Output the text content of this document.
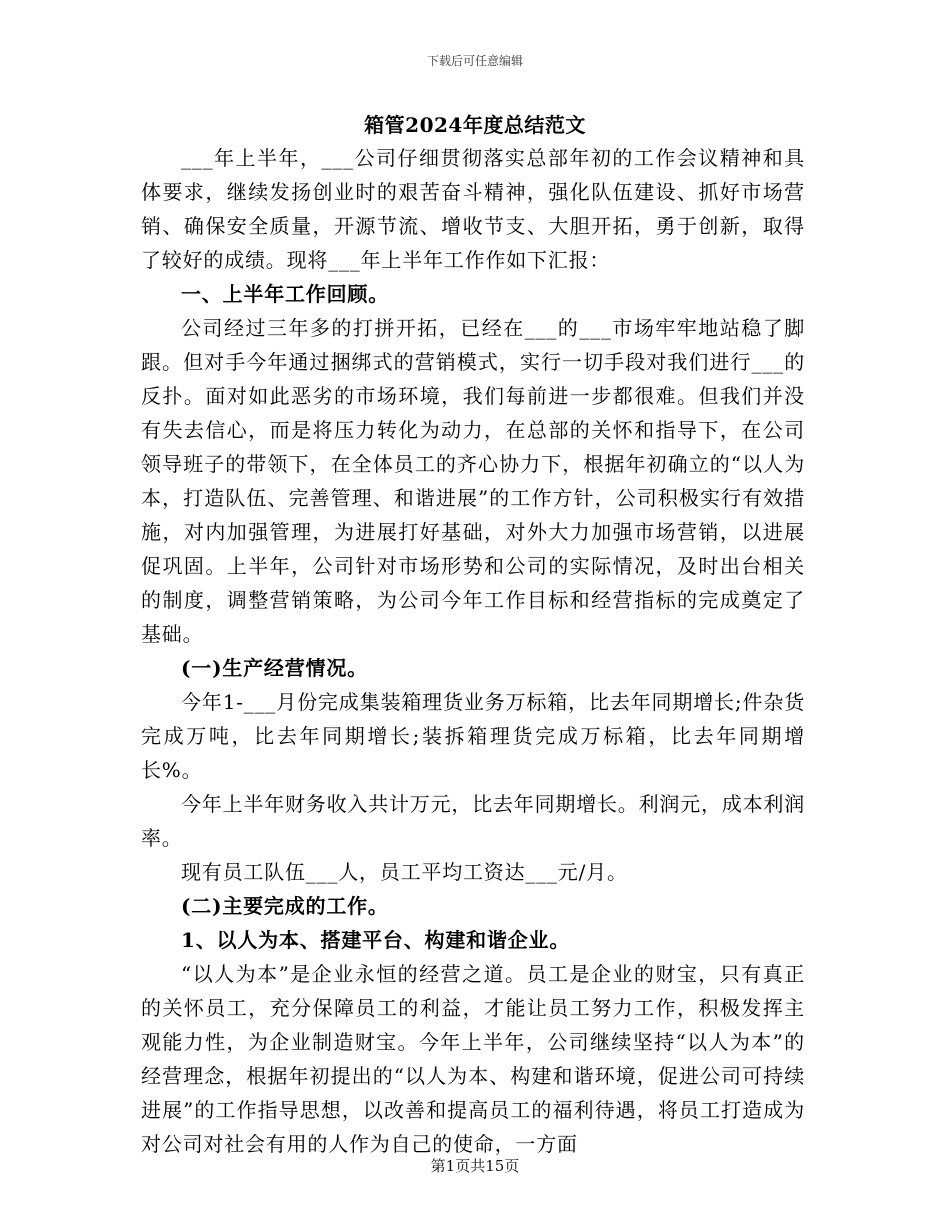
下载后可任意编辑
箱管2024年度总结范文

___年上半年，___公司仔细贯彻落实总部年初的工作会议精神和具体要求，继续发扬创业时的艰苦奋斗精神，强化队伍建设、抓好市场营销、确保安全质量，开源节流、增收节支、大胆开拓，勇于创新，取得了较好的成绩。现将___年上半年工作作如下汇报：

一、上半年工作回顾。

公司经过三年多的打拼开拓，已经在___的___市场牢牢地站稳了脚跟。但对手今年通过捆绑式的营销模式，实行一切手段对我们进行___的反扑。面对如此恶劣的市场环境，我们每前进一步都很难。但我们并没有失去信心，而是将压力转化为动力，在总部的关怀和指导下，在公司领导班子的带领下，在全体员工的齐心协力下，根据年初确立的“以人为本，打造队伍、完善管理、和谐进展”的工作方针，公司积极实行有效措施，对内加强管理，为进展打好基础，对外大力加强市场营销，以进展促巩固。上半年，公司针对市场形势和公司的实际情况，及时出台相关的制度，调整营销策略，为公司今年工作目标和经营指标的完成奠定了基础。

(一)生产经营情况。

今年1-___月份完成集装箱理货业务万标箱，比去年同期增长;件杂货完成万吨，比去年同期增长;装拆箱理货完成万标箱，比去年同期增长%。

今年上半年财务收入共计万元，比去年同期增长。利润元，成本利润率。

现有员工队伍___人，员工平均工资达___元/月。

(二)主要完成的工作。

1、以人为本、搭建平台、构建和谐企业。

“以人为本”是企业永恒的经营之道。员工是企业的财宝，只有真正的关怀员工，充分保障员工的利益，才能让员工努力工作，积极发挥主观能力性，为企业制造财宝。今年上半年，公司继续坚持“以人为本”的经营理念，根据年初提出的“以人为本、构建和谐环境，促进公司可持续进展”的工作指导思想，以改善和提高员工的福利待遇，将员工打造成为对公司对社会有用的人作为自己的使命，一方面

第1页共15页
